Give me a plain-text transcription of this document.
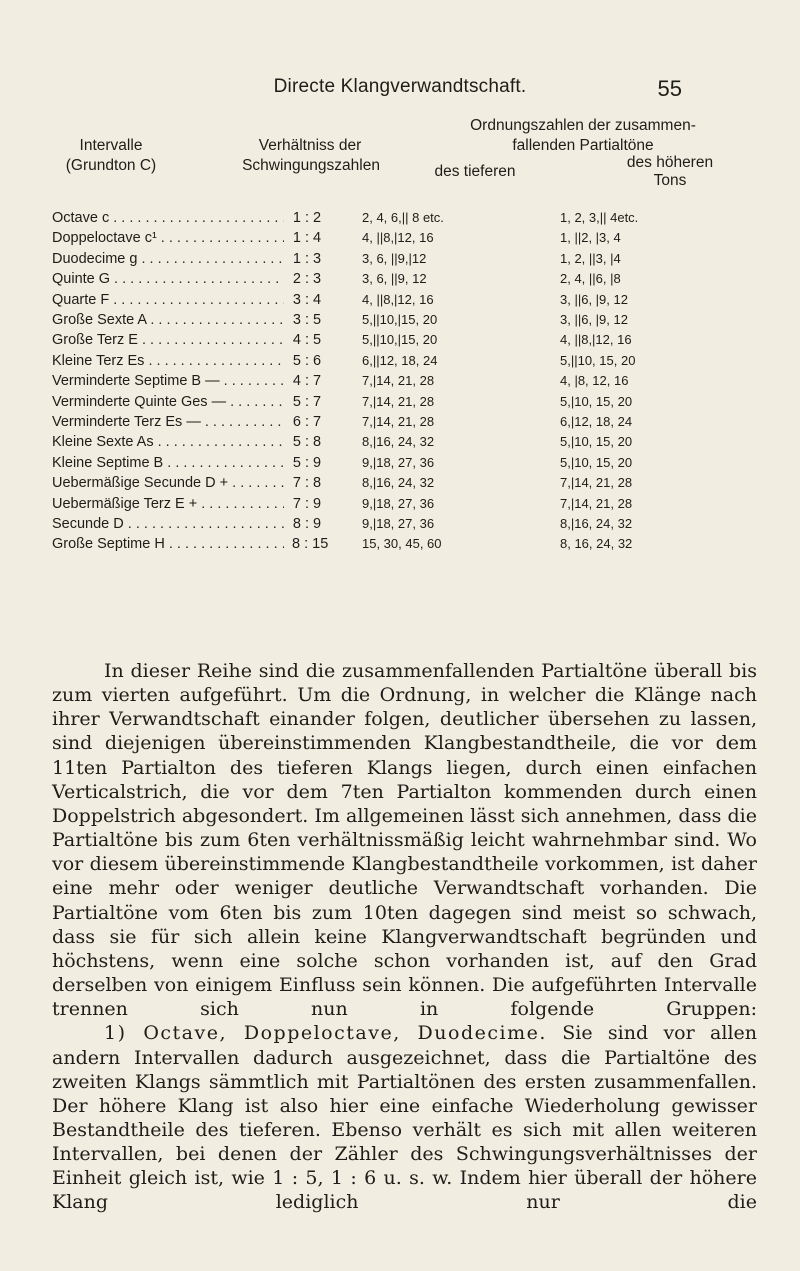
Directe Klangverwandtschaft.	55
Intervalle
(Grundton C)
Verhältniss der
Schwingungszahlen
Ordnungszahlen der zusammen-
fallenden Partialtöne
des tieferen
des höheren
Tons
Octave c . . .	1 : 2	2, 4, 6,|| 8 etc.	1, 2, 3,|| 4etc.
Doppeloctave c¹ . . .	1 : 4	4, ||8,|12, 16	1, ||2, |3, 4
Duodecime g . . .	1 : 3	3, 6, ||9,|12	1, 2, ||3, |4
Quinte G . . .	2 : 3	3, 6, ||9, 12	2, 4, ||6, |8
Quarte F . . .	3 : 4	4, ||8,|12, 16	3, ||6, |9, 12
Große Sexte A . . .	3 : 5	5,||10,|15, 20	3, ||6, |9, 12
Große Terz E . . .	4 : 5	5,||10,|15, 20	4, ||8,|12, 16
Kleine Terz Es . . .	5 : 6	6,||12, 18, 24	5,||10, 15, 20
Verminderte Septime B — . . .	4 : 7	7,|14, 21, 28	4, |8, 12, 16
Verminderte Quinte Ges — . . .	5 : 7	7,|14, 21, 28	5,|10, 15, 20
Verminderte Terz Es — . . .	6 : 7	7,|14, 21, 28	6,|12, 18, 24
Kleine Sexte As . . .	5 : 8	8,|16, 24, 32	5,|10, 15, 20
Kleine Septime B . . .	5 : 9	9,|18, 27, 36	5,|10, 15, 20
Uebermäßige Secunde D + . . .	7 : 8	8,|16, 24, 32	7,|14, 21, 28
Uebermäßige Terz E + . . .	7 : 9	9,|18, 27, 36	7,|14, 21, 28
Secunde D . . .	8 : 9	9,|18, 27, 36	8,|16, 24, 32
Große Septime H . . .	8 : 15	15, 30, 45, 60	8, 16, 24, 32

In dieser Reihe sind die zusammenfallenden Partialtöne überall bis zum vierten aufgeführt. Um die Ordnung, in welcher die Klänge nach ihrer Verwandtschaft einander folgen, deutlicher übersehen zu lassen, sind diejenigen übereinstimmenden Klangbestandtheile, die vor dem 11ten Partialton des tieferen Klangs liegen, durch einen einfachen Verticalstrich, die vor dem 7ten Partialton kommenden durch einen Doppelstrich abgesondert. Im allgemeinen lässt sich annehmen, dass die Partialtöne bis zum 6ten verhältnissmäßig leicht wahrnehmbar sind. Wo vor diesem übereinstimmende Klangbestandtheile vorkommen, ist daher eine mehr oder weniger deutliche Verwandtschaft vorhanden. Die Partialtöne vom 6ten bis zum 10ten dagegen sind meist so schwach, dass sie für sich allein keine Klangverwandtschaft begründen und höchstens, wenn eine solche schon vorhanden ist, auf den Grad derselben von einigem Einfluss sein können. Die aufgeführten Intervalle trennen sich nun in folgende Gruppen:

1) Octave, Doppeloctave, Duodecime. Sie sind vor allen andern Intervallen dadurch ausgezeichnet, dass die Partialtöne des zweiten Klangs sämmtlich mit Partialtönen des ersten zusammenfallen. Der höhere Klang ist also hier eine einfache Wiederholung gewisser Bestandtheile des tieferen. Ebenso verhält es sich mit allen weiteren Intervallen, bei denen der Zähler des Schwingungsverhältnisses der Einheit gleich ist, wie 1 : 5, 1 : 6 u. s. w. Indem hier überall der höhere Klang lediglich nur die
